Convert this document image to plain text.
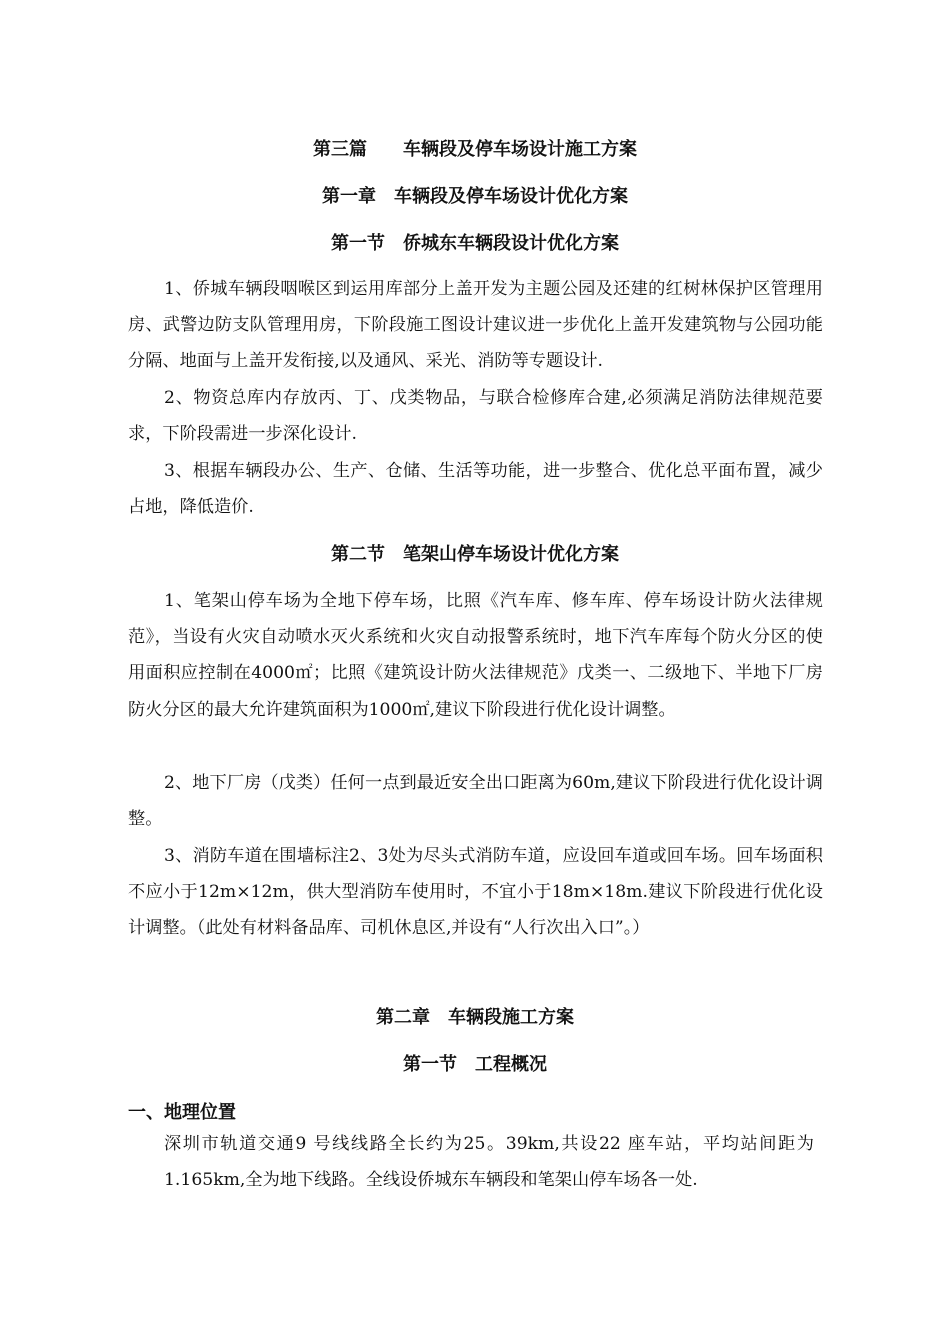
第三篇　　车辆段及停车场设计施工方案
第一章　车辆段及停车场设计优化方案
第一节　侨城东车辆段设计优化方案

1、侨城车辆段咽喉区到运用库部分上盖开发为主题公园及还建的红树林保护区管理用房、武警边防支队管理用房，下阶段施工图设计建议进一步优化上盖开发建筑物与公园功能分隔、地面与上盖开发衔接,以及通风、采光、消防等专题设计.

2、物资总库内存放丙、丁、戊类物品，与联合检修库合建,必须满足消防法律规范要求，下阶段需进一步深化设计.

3、根据车辆段办公、生产、仓储、生活等功能，进一步整合、优化总平面布置，减少占地，降低造价.

第二节　笔架山停车场设计优化方案

1、笔架山停车场为全地下停车场，比照《汽车库、修车库、停车场设计防火法律规范》，当设有火灾自动喷水灭火系统和火灾自动报警系统时，地下汽车库每个防火分区的使用面积应控制在4000㎡；比照《建筑设计防火法律规范》戊类一、二级地下、半地下厂房防火分区的最大允许建筑面积为1000㎡,建议下阶段进行优化设计调整。

2、地下厂房（戊类）任何一点到最近安全出口距离为60m,建议下阶段进行优化设计调整。

3、消防车道在围墙标注2、3处为尽头式消防车道，应设回车道或回车场。回车场面积不应小于12m×12m，供大型消防车使用时，不宜小于18m×18m.建议下阶段进行优化设计调整。（此处有材料备品库、司机休息区,并设有“人行次出入口”。）

第二章　车辆段施工方案
第一节　工程概况
一、地理位置

深圳市轨道交通9 号线线路全长约为25。39km,共设22 座车站，平均站间距为1.165km,全为地下线路。全线设侨城东车辆段和笔架山停车场各一处.
